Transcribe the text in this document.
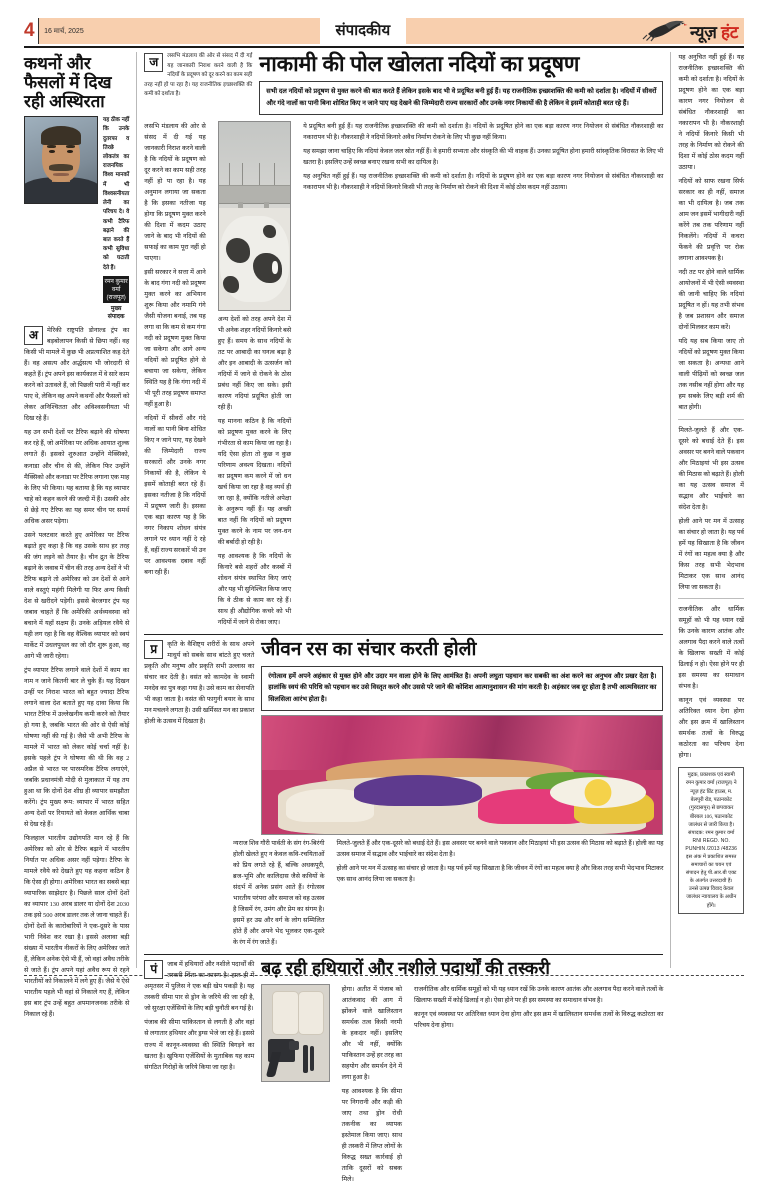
4	16 मार्च, 2025	संपादकीय	न्यूज़ हंट
कथनों और फैसलों में दिख रही अस्थिरता
यह ठीक नहीं कि उनके दुतरफा व तिरछे लोकतंत्र का राजनयिक विश्व मानकों में भी विश्वसनीयता लेनी का परिचय दे। वे कभी टैरिफ बढ़ाने की बात करते हैं कभी सुविधा को घटाती देते हैं।
रमन कुमार वर्मा (राजपूत)
मुख्य संपादक

अ	मेरिकी राष्ट्रपति डोनाल्ड ट्रंप का बड़बोलापन किसी से छिपा नहीं। वह किसी भी मामले में कुछ भी अप्रत्याशित कह देते हैं। वह असत्य और अर्द्धसत्य भी जोरदारी से कहते हैं। ट्रंप अपने इस कार्यकाल में वे सारे काम करने को उतावले हैं, जो पिछली पारी में नहीं कर पाए थे, लेकिन वह अपने कथनों और फैसलों को लेकर अनिश्चितता और अविश्वसनीयता भी दिख रहे हैं।

यह उन सभी देशों पर टैरिफ बढ़ाने की घोषणा कर रहे हैं, जो अमेरिका पर अधिक आयात शुल्क लगाते हैं। इसको शुरुआत उन्होंने मेक्सिको, कनाडा और चीन से की, लेकिन फिर उन्होंने मैक्सिको और कनाडा पर टैरिफ लगाना एक माह के लिए भी किया। यह बताया है कि यह व्यापार चाहे को कहन करने की जल्दी में हैं। उसकी ओर से छेड़े गए टैरिफ का यह समर चीन पर समर्थ अधिक असर पड़ेगा।

उसने पलटवार करते हुए अमेरिका पर टैरिफ बढ़ाते हुए कहा है कि वह उसके साथ हर तरह की जंग लड़ने को तैयार है। चीन द्रुत के टैरिफ बढ़ाने के जवाब में चीन की तरह अन्य देशों ने भी टैरिफ बढ़ाने तो अमेरिका को उन देशों से आने वाले वस्तुएं महंगी मिलेगी या फिर अन्य किसी देश से खरीदने पड़ेगी। इससे बेरजगार ट्रंप यह जबाव चाहते हैं कि अमेरिकी अर्थव्यवस्था को बचाने में यहाँ सक्षम हैं। उनके अड़ियल रवैये से यही लग रहा है कि वह वैश्विक व्यापार को स्वयं मार्केट में उधलपुथल का जो दौर शुरू हुआ, वह आगे भी जारी रहेगा।

ट्रंप व्यापार टैरिफ लगाने वाले देशों में काम का नाम न जाने कितनी बार ले चुके हैं। यह दिखन उन्हीं पर निराश भारत को बहुत ज्यादा टैरिफ लगाने वाला देश बताते हुए यह दावा किया कि भारत टैरिफ में उल्लेखनीय कमी करने को तैयार हो गया है, जबकि भारत की ओर से ऐसी कोई घोषणा नहीं की गई है। जैसे भी अभी टैरिफ के मामले में भारत को लेकर कोई चर्चा नहीं है। इसके पहले ट्रंप ने घोषणा की थी कि वह 2 अप्रैल से भारत पर पारस्परिक टैरिफ लगाएंगे, जबकि प्रधानमंत्री मोदी से मुलाकात में यह तय हुआ था कि दोनों देश शीघ्र ही व्यापार समझौता करेंगे। ट्रंप मुख्य रूप: व्यापार में भारत सहित अन्य देशों पर रियायते को केवल आर्थिक चाबा से देख रहे हैं।

फिलहाल भारतीय उद्योगपति मान रहे हैं कि अमेरिका को ओर से टैरिफ बढ़ाने में भारतीय निर्यात पर अधिक असर नहीं पड़ेगा। टैरिफ के मामले रवैये को देखते हुए यह कहना कठिन है कि ऐसा ही होगा। अमेरिका भारत का सबसे बड़ा व्यापारिक साझेदार है। पिछले साल दोनों देशों का व्यापार 130 अरब डालर या दोनों देश 2030 तक इसे 500 अरब डालर तक ले जाना चाहते हैं। दोनों देशों के कारोबारियों ने एक-दूसरे के पास भारी निवेश कर रखा है। इससे अलावा बड़ी संख्या में भारतीय नीकरों के लिए अमेरिका जाते हैं, लेकिन अनेक ऐसे भी हैं, जो वहां अवैध तरीके से जाते हैं। ट्रंप अपने यहां अवैध रूप से रहने भारतीयों को निकालने में लगे हुए हैं। जैसे ये ऐसे भारतीय पहले भी वहां से निकाले गए हैं, लेकिन इस बार ट्रंप उन्हें बहुत अपमानजनक तरीके से निकाल रहे हैं।

ज	लसभि मंडलाय की ओर से संसद में दी गई यह जानकारी निराश करने वाली है कि नदियों के प्रदूषण को दूर करने का काम सही तरह नहीं हो पा रहा है। यह राजनीतिक इच्छाशक्ति की कमी को दर्शाता है।

नाकामी की पोल खोलता नदियों का प्रदूषण
सभी दल नदियों को प्रदूषण से मुक्त करने की बात करते हैं लेकिन इसके बाद भी वे प्रदूषित बनी हुई हैं। यह राजनीतिक इच्छाशक्ति की कमी को दर्शाता है। नदियों में सीवरों और गंदे नालों का पानी बिना शोधित किए न जाने पाए यह देखने की जिम्मेदारी राज्य सरकारों और उनके नगर निकायों की है लेकिन वे इसमें कोताही बरत रहे हैं।

लसभि मंडलाय की ओर से संसद में दी गई यह जानकारी निराश करने वाली है कि नदियों के प्रदूषण को दूर करने का काम सही तरह नहीं हो पा रहा है। यह अनुमान लगाया जा सकता है कि इसका नतीजा यह होगा कि प्रदूषण मुक्त करने की दिशा में कदम उठाए जाने के बाद भी नदियों की सफाई का काम पूरा नहीं हो पाएगा।

इसी सरकार ने सत्ता में आने के बाद गंगा नदी को प्रदूषण मुक्त करने का अभियान शुरू किया और नमामि गंगे जैसी योजना बनाई, तब यह लगा था कि कम से कम गंगा नदी को प्रदूषण मुक्त किया जा सकेगा और आगे अन्य नदियों को प्रदूषित होने से बचाया जा सकेगा, लेकिन स्थिति यह है कि गंगा नदी में भी पूरी तरह प्रदूषण समाप्त नहीं हुआ है।

नदियों में सीवरों और गंदे नालों का पानी बिना शोधित किए न जाने पाए, यह देखने की जिम्मेदारी राज्य सरकारों और उनके नगर निकायों की है, लेकिन ये इसमें कोताही बरत रहे हैं। इसका नतीजा है कि नदियों में प्रदूषण जारी है। इसका एक बड़ा कारण यह है कि नगर निकाय शोधन संयंत्र लगाने पर ध्यान नहीं दे रहे हैं, वहीं राज्य सरकारें भी उन पर आवश्यक दबाव नहीं बना रही हैं।

अन्य देशों को तरह अपने देश में भी अनेक शहर नदियों किनारे बसे हुए हैं। समय के साथ नदियों के तट पर आबादी का घनत्व बढ़ा है और इन आबादी के उत्सर्जन को नदियों में जाने से रोकने के ठोस प्रबंध नहीं किए जा सके। इसी कारण नदियां प्रदूषित होती जा रही हैं।

यह मानना कठिन है कि नदियों को प्रदूषण मुक्त करने के लिए गंभीरता से काम किया जा रहा है। यदि ऐसा होता तो कुछ न कुछ परिणाम अवश्य दिखता। नदियों का प्रदूषण कम करने में जो धन खर्च किया जा रहा है वह व्यर्थ ही जा रहा है, क्योंकि नतीजे अपेक्षा के अनुरूप नहीं हैं। यह अच्छी बात नहीं कि नदियों को प्रदूषण मुक्त करने के नाम पर जन-धन की बर्बादी हो रही है।

यह आवश्यक है कि नदियों के किनारे बसे शहरों और कस्बों में शोधन संयंत्र स्थापित किए जाएं और यह भी सुनिश्चित किया जाए कि वे ठीक से काम कर रहे हैं। साथ ही औद्योगिक कचरे को भी नदियों में जाने से रोका जाए।

ये प्रदूषित बनी हुई हैं। यह राजनीतिक इच्छाशक्ति की कमी को दर्शाता है। नदियों के प्रदूषित होने का एक बड़ा कारण नगर नियोजन से संबंधित नौकरशाही का नकारापन भी है। नौकरशाही ने नदियों किनारे अवैध निर्माण रोकने के लिए भी कुछ नहीं किया।

यह समझा जाना चाहिए कि नदियां केवल जल स्रोत नहीं हैं। वे हमारी सभ्यता और संस्कृति की भी वाहक हैं। उनका प्रदूषित होना हमारी सांस्कृतिक विरासत के लिए भी खतरा है। इसलिए उन्हें स्वच्छ बनाए रखना सभी का दायित्व है।

यह अनुचित नहीं हुई हैं। यह राजनीतिक इच्छाशक्ति की कमी को दर्शाता है। नदियों के प्रदूषण होने का एक बड़ा कारण नगर नियोजन से संबंधित नौकरशाही का नकारापन भी है। नौकरशाही ने नदियों किनारे किसी भी तरह के निर्माण को रोकने की दिशा में कोई ठोस कदम नहीं उठाया।

प्र	कृति के वैशिष्ट्य शरीरों के साथ अपने माधुर्य को सबके साथ बांटते हुए चलते प्रकृति और मनुष्य और प्रकृति सभी उल्लास का संचार कर देती है। वसंत को कामदेव के स्वामी मनदेव का पुत्र कहा गया है। उसे काम का सेनापति भी कहा जाता है। वसंत की फागुनी बयार के साथ मन मचलने लगता है। उसी खर्मिसत मन का प्रकाश होली के उत्सव में दिखता है।

जीवन रस का संचार करती होली
रंगोत्सव हमें अपने अहंकार से मुक्त होने और उदार मन वाला होने के लिए आमंत्रित है। अपनी लघुता पहचान कर सबकी का अंश करने का अनुभव और प्रखर देता है। हालांकि स्वयं की परिधि को पहचान कर उसे विस्तृत करने और उससे परे जाने की कोशिश आत्मानुशासन की मांग करती है। अहंकार जब दूर होता है तभी आत्मविस्तार का सिलसिला आरंभ होता है।

न्यराज शिव गौरी पार्वती के संग रंग-बिरंगी होली खेलते हुए न केवल कवि-रचयिताओं को प्रिय लगते रहे हैं, बल्कि अधकपूरी, ब्रज-भूमि और कालिदास जैसे कवियों के संदर्भ में अनेक प्रसंग आते हैं। रंगोत्सव भारतीय परंपरा और समाज को वह उत्सव है जिसमें रंग, उमंग और प्रेम का संगम है। इसमें हर उम्र और वर्ग के लोग सम्मिलित होते हैं और अपने भेद भूलकर एक-दूसरे के रंग में रंग जाते हैं।

मिलते-जुलते हैं और एक-दूसरे को बधाई देते हैं। इस अवसर पर बनने वाले पकवान और मिठाइयां भी इस उत्सव की मिठास को बढ़ाते हैं। होली का यह उत्सव समाज में सद्भाव और भाईचारे का संदेश देता है।

होली आने पर मन में उत्साह का संचार हो जाता है। यह पर्व हमें यह सिखाता है कि जीवन में रंगों का महत्व क्या है और किस तरह सभी भेदभाव मिटाकर एक साथ आनंद लिया जा सकता है।

पं	जाब में हथियारों और नशीले पदार्थों की तस्करी चिंता का कारण है। हाल ही में अमृतसर में पुलिस ने एक बड़ी खेप पकड़ी है। यह तस्करी सीमा पार से ड्रोन के जरिये की जा रही है, जो सुरक्षा एजेंसियों के लिए बड़ी चुनौती बन गई है।

पंजाब की सीमा पाकिस्तान से लगती है और वहां से लगातार हथियार और ड्रग्स भेजे जा रहे हैं। इससे राज्य में कानून-व्यवस्था की स्थिति बिगड़ने का खतरा है। खुफिया एजेंसियों के मुताबिक यह काम संगठित गिरोहों के जरिये किया जा रहा है।

बढ़ रही हथियारों और नशीले पदार्थों की तस्करी

होगा। अतीत में पंजाब को आतंकवाद की आग में झोंकने वाले खालिस्तान समर्थक तत्व किसी नरमी के हकदार नहीं। इसलिए और भी नहीं, क्योंकि पाकिस्तान उन्हें हर तरह का सहयोग और समर्थन देने में लगा हुआ है।

यह आवश्यक है कि सीमा पर निगरानी और कड़ी की जाए तथा ड्रोन रोधी तकनीक का व्यापक इस्तेमाल किया जाए। साथ ही तस्करी में लिप्त लोगों के विरुद्ध सख्त कार्रवाई हो ताकि दूसरों को सबक मिले।

राजनीतिक और धार्मिक समूहों को भी यह ध्यान रखें कि उनके कारण आतंक और अलगाव पैदा करने वाले तत्वों के खिलाफ सख्ती में कोई ढिलाई न हो। ऐसा होने पर ही इस समस्या का समाधान संभव है।

कानून एवं व्यवस्था पर अतिरिक्त ध्यान देना होगा और इस क्रम में खालिस्तान समर्थक तत्वों के विरुद्ध कठोरता का परिचय देना होगा।

यह अनुचित नहीं हुई हैं। यह राजनीतिक इच्छाशक्ति की कमी को दर्शाता है। नदियों के प्रदूषण होने का एक बड़ा कारण नगर नियोजन से संबंधित नौकरशाही का नकारापन भी है। नौकरशाही ने नदियों किनारे किसी भी तरह के निर्माण को रोकने की दिशा में कोई ठोस कदम नहीं उठाया।

नदियों को साफ रखना सिर्फ सरकार का ही नहीं, समाज का भी दायित्व है। जब तक आम जन इसमें भागीदारी नहीं करेंगे तब तक परिणाम नहीं निकलेंगे। नदियों में कचरा फेंकने की प्रवृत्ति पर रोक लगाना आवश्यक है।

नदी तट पर होने वाले धार्मिक आयोजनों में भी ऐसी व्यवस्था की जानी चाहिए कि नदियां प्रदूषित न हों। यह तभी संभव है जब प्रशासन और समाज दोनों मिलकर काम करें।

यदि यह सब किया जाए तो नदियों को प्रदूषण मुक्त किया जा सकता है। अन्यथा आने वाली पीढ़ियों को स्वच्छ जल तक नसीब नहीं होगा और यह हम सबके लिए बड़ी शर्म की बात होगी।

मिलते-जुलते हैं और एक-दूसरे को बधाई देते हैं। इस अवसर पर बनने वाले पकवान और मिठाइयां भी इस उत्सव की मिठास को बढ़ाते हैं। होली का यह उत्सव समाज में सद्भाव और भाईचारे का संदेश देता है।

होली आने पर मन में उत्साह का संचार हो जाता है। यह पर्व हमें यह सिखाता है कि जीवन में रंगों का महत्व क्या है और किस तरह सभी भेदभाव मिटाकर एक साथ आनंद लिया जा सकता है।

राजनीतिक और धार्मिक समूहों को भी यह ध्यान रखें कि उनके कारण आतंक और अलगाव पैदा करने वाले तत्वों के खिलाफ सख्ती में कोई ढिलाई न हो। ऐसा होने पर ही इस समस्या का समाधान संभव है।

कानून एवं व्यवस्था पर अतिरिक्त ध्यान देना होगा और इस क्रम में खालिस्तान समर्थक तत्वों के विरुद्ध कठोरता का परिचय देना होगा।

मुद्रक, प्रकाशक एवं स्वामी रमन कुमार वर्मा (राजपूत) ने न्यूज़ हंट प्रिंट हाउस, म. बेलपुरी रोड, पठानकोट (गुरदासपुर) से छपवाकर बीरबल 106, पठानकोट जालंधर से जारी किया है।
संपादक: रमन कुमार वर्मा RNI REGD. NO. PUNHIN /2013 /48236 इस अंक में प्रकाशित समस्त समाचारों का चयन एवं संपादन हेतु पी.आर.बी एक्ट के अंतर्गत उत्तरदायी हैं।
उनसे उत्पन्न विवाद केवल जालंधर न्यायालय के अधीन होंगे।
